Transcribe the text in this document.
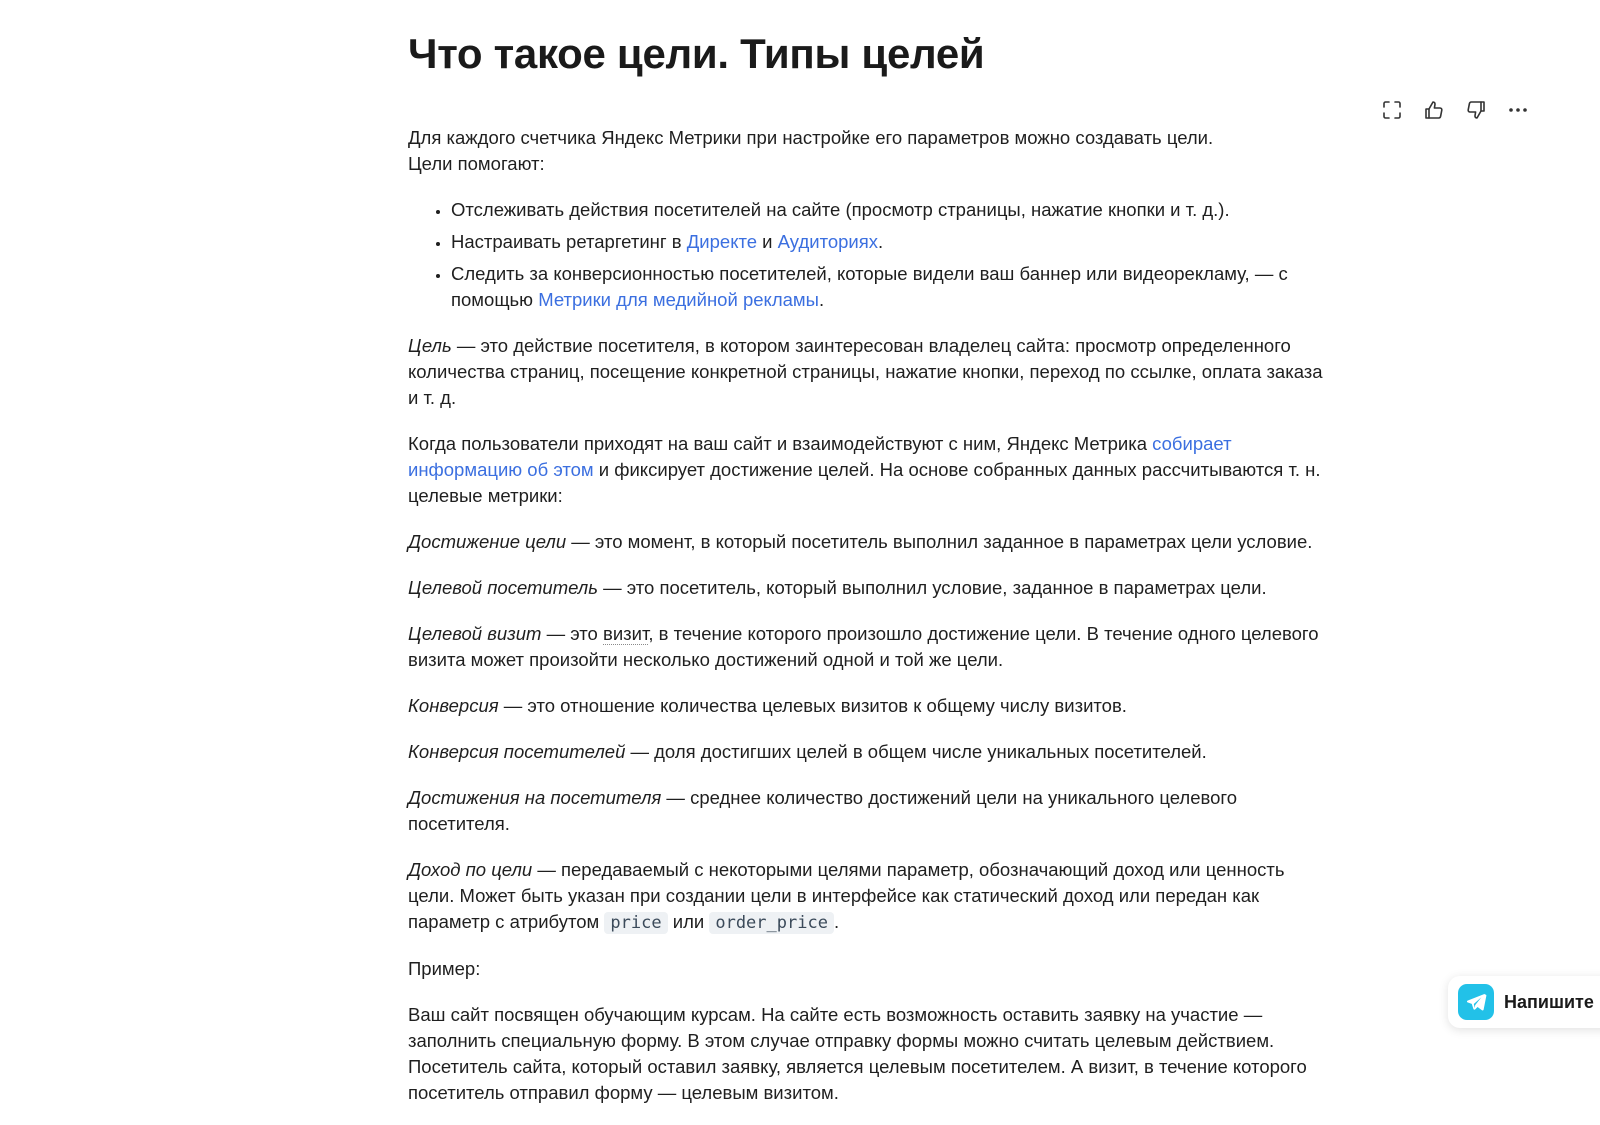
Что такое цели. Типы целей

Для каждого счетчика Яндекс Метрики при настройке его параметров можно создавать цели.
Цели помогают:

• Отслеживать действия посетителей на сайте (просмотр страницы, нажатие кнопки и т. д.).
• Настраивать ретаргетинг в Директе и Аудиториях.
• Следить за конверсионностью посетителей, которые видели ваш баннер или видеорекламу, — с помощью Метрики для медийной рекламы.

Цель — это действие посетителя, в котором заинтересован владелец сайта: просмотр определенного количества страниц, посещение конкретной страницы, нажатие кнопки, переход по ссылке, оплата заказа и т. д.

Когда пользователи приходят на ваш сайт и взаимодействуют с ним, Яндекс Метрика собирает информацию об этом и фиксирует достижение целей. На основе собранных данных рассчитываются т. н. целевые метрики:

Достижение цели — это момент, в который посетитель выполнил заданное в параметрах цели условие.

Целевой посетитель — это посетитель, который выполнил условие, заданное в параметрах цели.

Целевой визит — это визит, в течение которого произошло достижение цели. В течение одного целевого визита может произойти несколько достижений одной и той же цели.

Конверсия — это отношение количества целевых визитов к общему числу визитов.

Конверсия посетителей — доля достигших целей в общем числе уникальных посетителей.

Достижения на посетителя — среднее количество достижений цели на уникального целевого посетителя.

Доход по цели — передаваемый с некоторыми целями параметр, обозначающий доход или ценность цели. Может быть указан при создании цели в интерфейсе как статический доход или передан как параметр с атрибутом price или order_price .

Пример:

Ваш сайт посвящен обучающим курсам. На сайте есть возможность оставить заявку на участие — заполнить специальную форму. В этом случае отправку формы можно считать целевым действием. Посетитель сайта, который оставил заявку, является целевым посетителем. А визит, в течение которого посетитель отправил форму — целевым визитом.

Напишите
